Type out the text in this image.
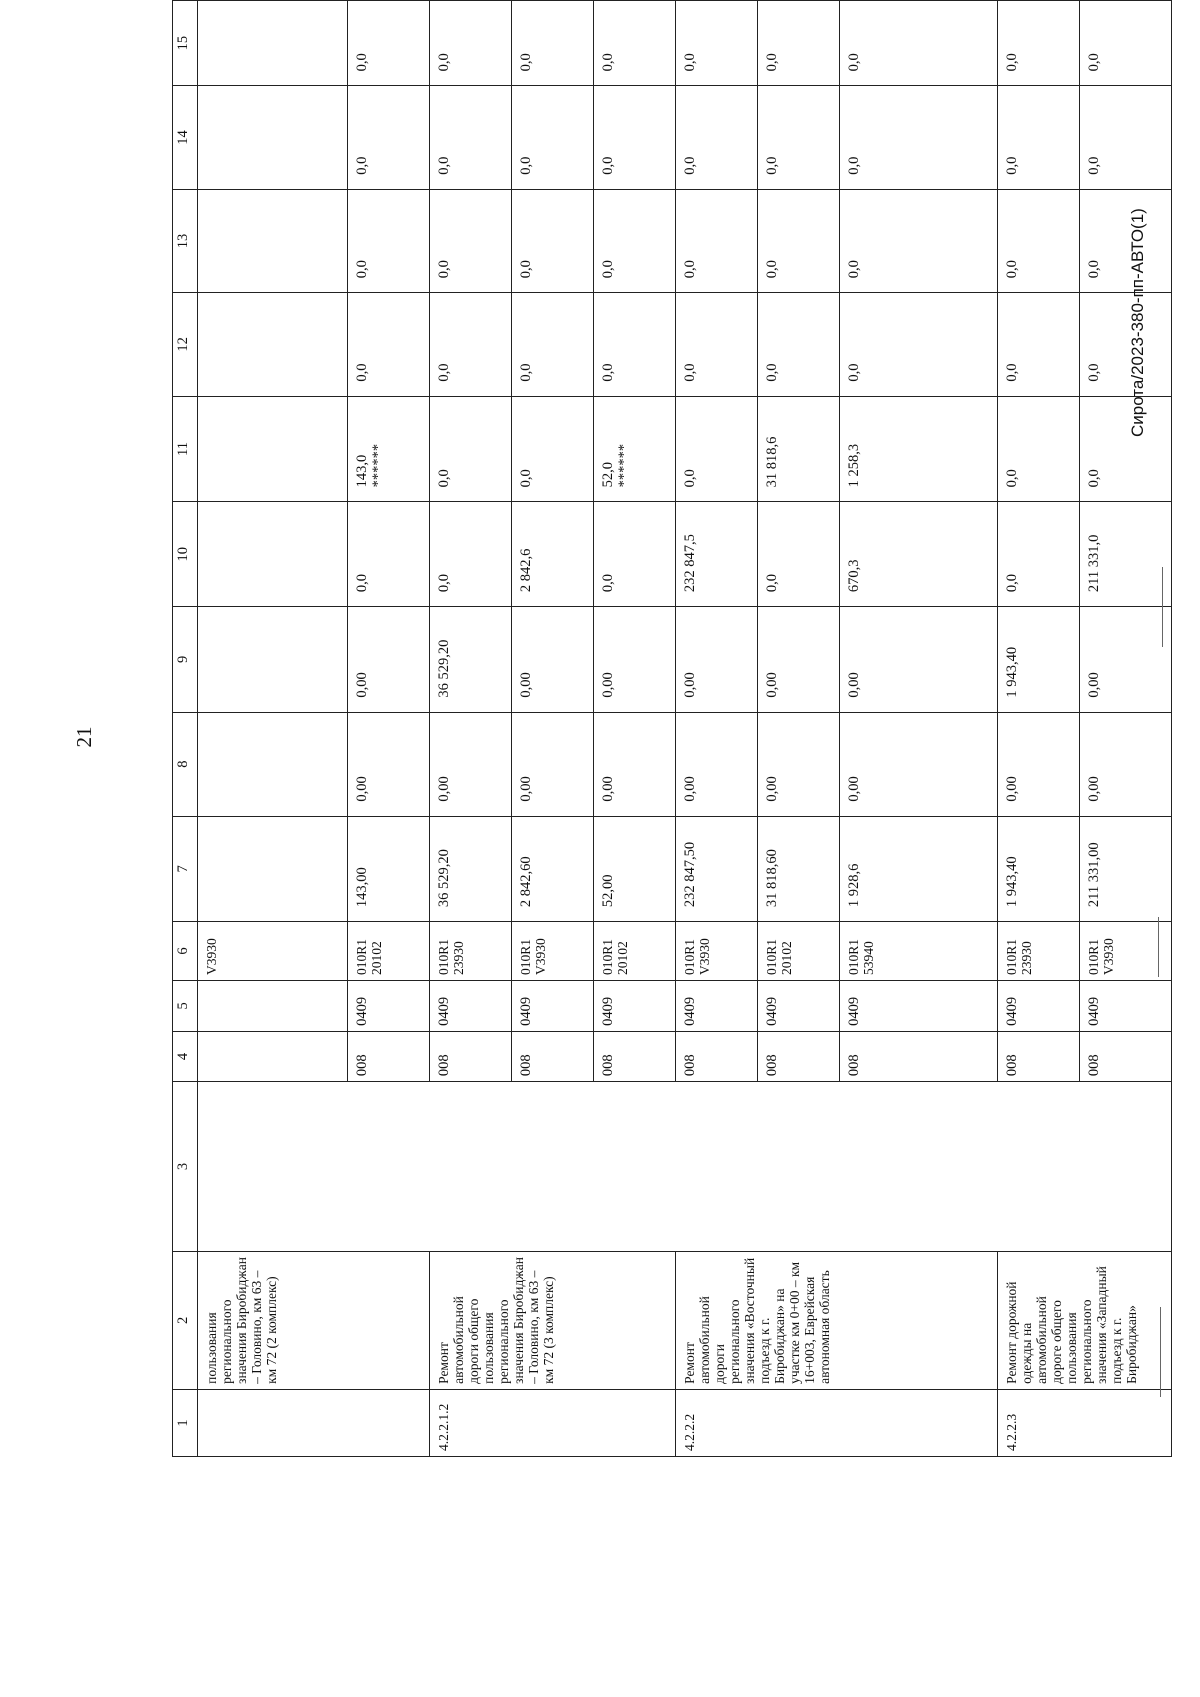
21
1	2	3	4	5	6	7	8	9	10	11	12	13	14	15
	пользования регионального значения Биробиджан – Головино, км 63 – км 72 (2 комплекс)				V3930					

			008	0409	010R1 20102	143,00	0,00	0,00	0,0	143,0 ******	0,0	0,0	0,0	0,0
4.2.2.1.2	Ремонт автомобильной дороги общего пользования регионального значения Биробиджан – Головино, км 63 – км 72 (3 комплекс)		008	0409	010R1 23930	36 529,20	0,00	36 529,20	0,0	0,0	0,0	0,0	0,0	0,0
			008	0409	010R1 V3930	2 842,60	0,00	0,00	2 842,6	0,0	0,0	0,0	0,0	0,0
			008	0409	010R1 20102	52,00	0,00	0,00	0,0	52,0 ******	0,0	0,0	0,0	0,0
4.2.2.2	Ремонт автомобильной дороги регионального значения «Восточный подъезд к г. Биробиджан» на участке км 0+00 – км 16+003, Еврейская автономная область		008	0409	010R1 V3930	232 847,50	0,00	0,00	232 847,5	0,0	0,0	0,0	0,0	0,0
			008	0409	010R1 20102	31 818,60	0,00	0,00	0,0	31 818,6	0,0	0,0	0,0	0,0
			008	0409	010R1 53940	1 928,6	0,00	0,00	670,3	1 258,3	0,0	0,0	0,0	0,0
4.2.2.3	Ремонт дорожной одежды на автомобильной дороге общего пользования регионального значения «Западный подъезд к г. Биробиджан»		008	0409	010R1 23930	1 943,40	0,00	1 943,40	0,0	0,0	0,0	0,0	0,0	0,0
			008	0409	010R1 V3930	211 331,00	0,00	0,00	211 331,0	0,0	0,0	0,0	0,0	0,0
Сирота/2023-380-пп-АВТО(1)
